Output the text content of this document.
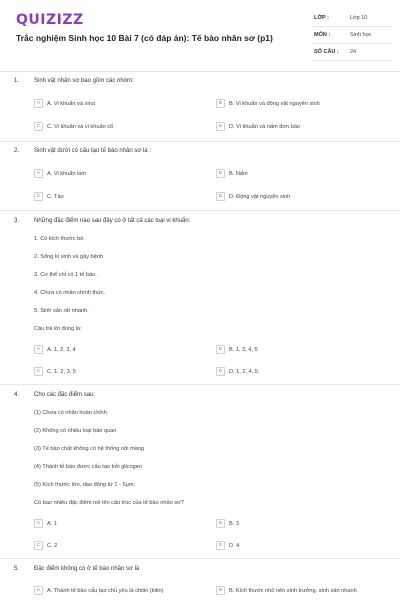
QUIZIZZ
Trắc nghiệm Sinh học 10 Bài 7 (có đáp án): Tế bào nhân sơ (p1)
LỚP :	Lớp 10
MÔN :	Sinh học
SỐ CÂU :	24
1. Sinh vật nhân sơ bao gồm các nhóm:
A	A. Vi khuẩn và virut	B	B. Vi khuẩn và động vật nguyên sinh
C	C. Vi khuẩn và vi khuẩn cổ	D	D. Vi khuẩn và nấm đơn bào
2. Sinh vật dưới có cấu tạo tế bào nhân sơ là :
A	A. Vi khuẩn lam	B	B. Nấm
C	C. Tảo	D	D. Động vật nguyên sinh
3. Những đặc điểm nào sau đây có ở tất cả các loại vi khuẩn:
1. Có kích thước bé.
2. Sống kí sinh và gây bệnh
3. Cơ thể chỉ có 1 tế bào.
4. Chưa có nhân chính thức.
5. Sinh sản rất nhanh.
Câu trả lời đúng là:
A	A. 1, 2, 3, 4	B	B. 1, 3, 4, 5
C	C. 1, 2, 3, 5	D	D. 1, 2, 4, 5
4. Cho các đặc điểm sau:
(1) Chưa có nhân hoàn chỉnh.
(2) Không có nhiều loại bào quan
(3) Tế bào chất không có hệ thống nội màng
(4) Thành tế bào được cấu tạo bởi glicogen
(5) Kích thước lớn, dao động từ 1 - 5μm.
Có bao nhiêu đặc điểm nói lên cấu trúc của tế bào nhân sơ?
A	A. 1	B	B. 3
C	C. 2	D	D. 4
5. Đặc điểm không có ở tế bào nhân sơ là
A	A. Thành tế bào cấu tạo chủ yếu là chitin (kitin)	B	B. Kích thước nhỏ nên sinh trưởng, sinh sản nhanh
